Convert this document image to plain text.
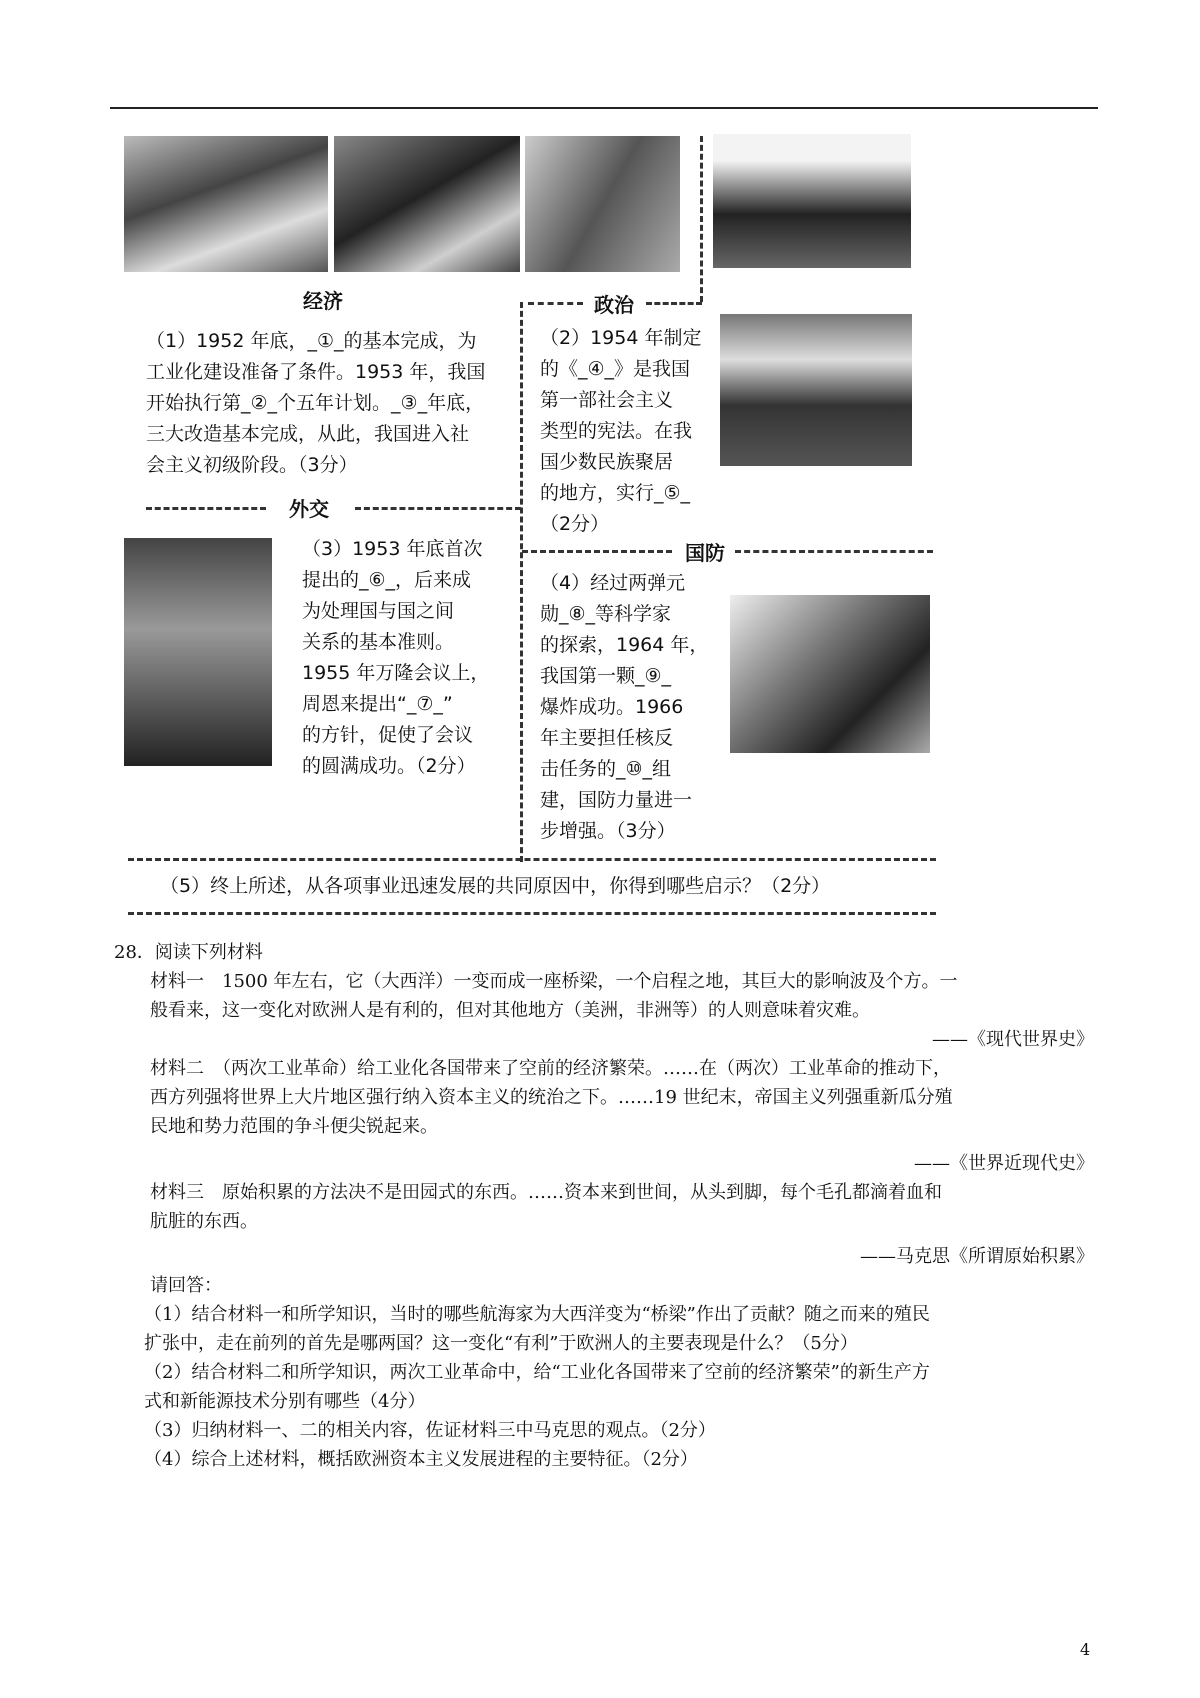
经济	政治
外交
国防

（1）1952 年底，_①_的基本完成，为

工业化建设准备了条件。1953 年，我国

开始执行第_②_个五年计划。_③_年底，

三大改造基本完成，从此，我国进入社

会主义初级阶段。（3分）

（2）1954 年制定

的《_④_》是我国

第一部社会主义

类型的宪法。在我

国少数民族聚居

的地方，实行_⑤_

（2分）

（3）1953 年底首次

提出的_⑥_，后来成

为处理国与国之间

关系的基本准则。

1955 年万隆会议上，

周恩来提出“_⑦_”

的方针，促使了会议

的圆满成功。（2分）

（4）经过两弹元

勋_⑧_等科学家

的探索，1964 年，

我国第一颗_⑨_

爆炸成功。1966

年主要担任核反

击任务的_⑩_组

建，国防力量进一

步增强。（3分）

（5）终上所述，从各项事业迅速发展的共同原因中，你得到哪些启示？（2分）
28．阅读下列材料
材料一　1500 年左右，它（大西洋）一变而成一座桥梁，一个启程之地，其巨大的影响波及个方。一
般看来，这一变化对欧洲人是有利的，但对其他地方（美洲，非洲等）的人则意味着灾难。
——《现代世界史》
材料二　（两次工业革命）给工业化各国带来了空前的经济繁荣。……在（两次）工业革命的推动下，
西方列强将世界上大片地区强行纳入资本主义的统治之下。……19 世纪末，帝国主义列强重新瓜分殖
民地和势力范围的争斗便尖锐起来。
——《世界近现代史》
材料三　原始积累的方法决不是田园式的东西。……资本来到世间，从头到脚，每个毛孔都滴着血和
肮脏的东西。
——马克思《所谓原始积累》
请回答：
（1）结合材料一和所学知识，当时的哪些航海家为大西洋变为“桥梁”作出了贡献？随之而来的殖民
扩张中，走在前列的首先是哪两国？这一变化“有利”于欧洲人的主要表现是什么？（5分）
（2）结合材料二和所学知识，两次工业革命中，给“工业化各国带来了空前的经济繁荣”的新生产方
式和新能源技术分别有哪些（4分）
（3）归纳材料一、二的相关内容，佐证材料三中马克思的观点。（2分）
（4）综合上述材料，概括欧洲资本主义发展进程的主要特征。（2分）
4
